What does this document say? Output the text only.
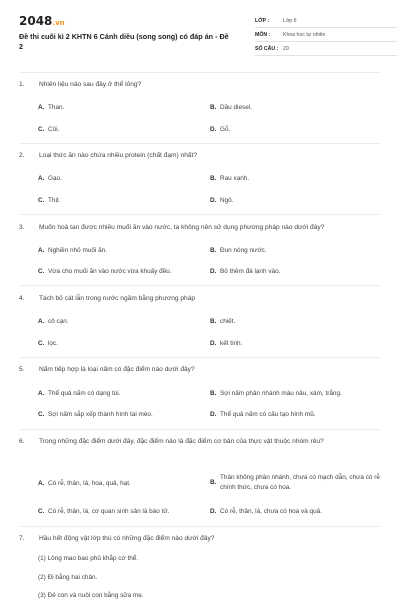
2048.vn
Đề thi cuối kì 2 KHTN 6 Cánh diều (song song) có đáp án - Đề 2
LỚP :	Lớp 6
MÔN :	Khoa học tự nhiên
SỐ CÂU : 20
1.	Nhiên liệu nào sau đây ở thể lỏng?
A. Than.	B. Dầu diesel.
C. Củi.	D. Gỗ.
2.	Loại thức ăn nào chứa nhiều protein (chất đạm) nhất?
A. Gạo.	B. Rau xanh.
C. Thịt.	D. Ngô.
3.	Muốn hoà tan được nhiều muối ăn vào nước, ta không nên sử dụng phương pháp nào dưới đây?
A. Nghiền nhỏ muối ăn.	B. Đun nóng nước.
C. Vừa cho muối ăn vào nước vừa khuấy đều.	D. Bỏ thêm đá lạnh vào.
4.	Tách bỏ cát lẫn trong nước ngầm bằng phương pháp
A. cô cạn.	B. chiết.
C. lọc.	D. kết tinh.
5.	Nấm tiếp hợp là loại nấm có đặc điểm nào dưới đây?
A. Thể quả nấm có dạng túi.	B. Sợi nấm phân nhánh màu nâu, xám, trắng.
C. Sợi nấm sắp xếp thành hình tai mèo.	D. Thể quả nấm có cấu tạo hình mũ.
6.	Trong những đặc điểm dưới đây, đặc điểm nào là đặc điểm cơ bản của thực vật thuộc nhóm rêu?
A. Có rễ, thân, lá, hoa, quả, hạt.	B.
Thân không phân nhánh, chưa có mạch dẫn, chưa có rễ chính thức, chưa có hoa.
C. Có rễ, thân, lá, cơ quan sinh sản là bào tử.	D. Có rễ, thân, lá, chưa có hoa và quả.
7.	Hầu hết động vật lớp thú có những đặc điểm nào dưới đây?
(1) Lông mao bao phủ khắp cơ thể.
(2) Đi bằng hai chân.
(3) Đẻ con và nuôi con bằng sữa mẹ.
